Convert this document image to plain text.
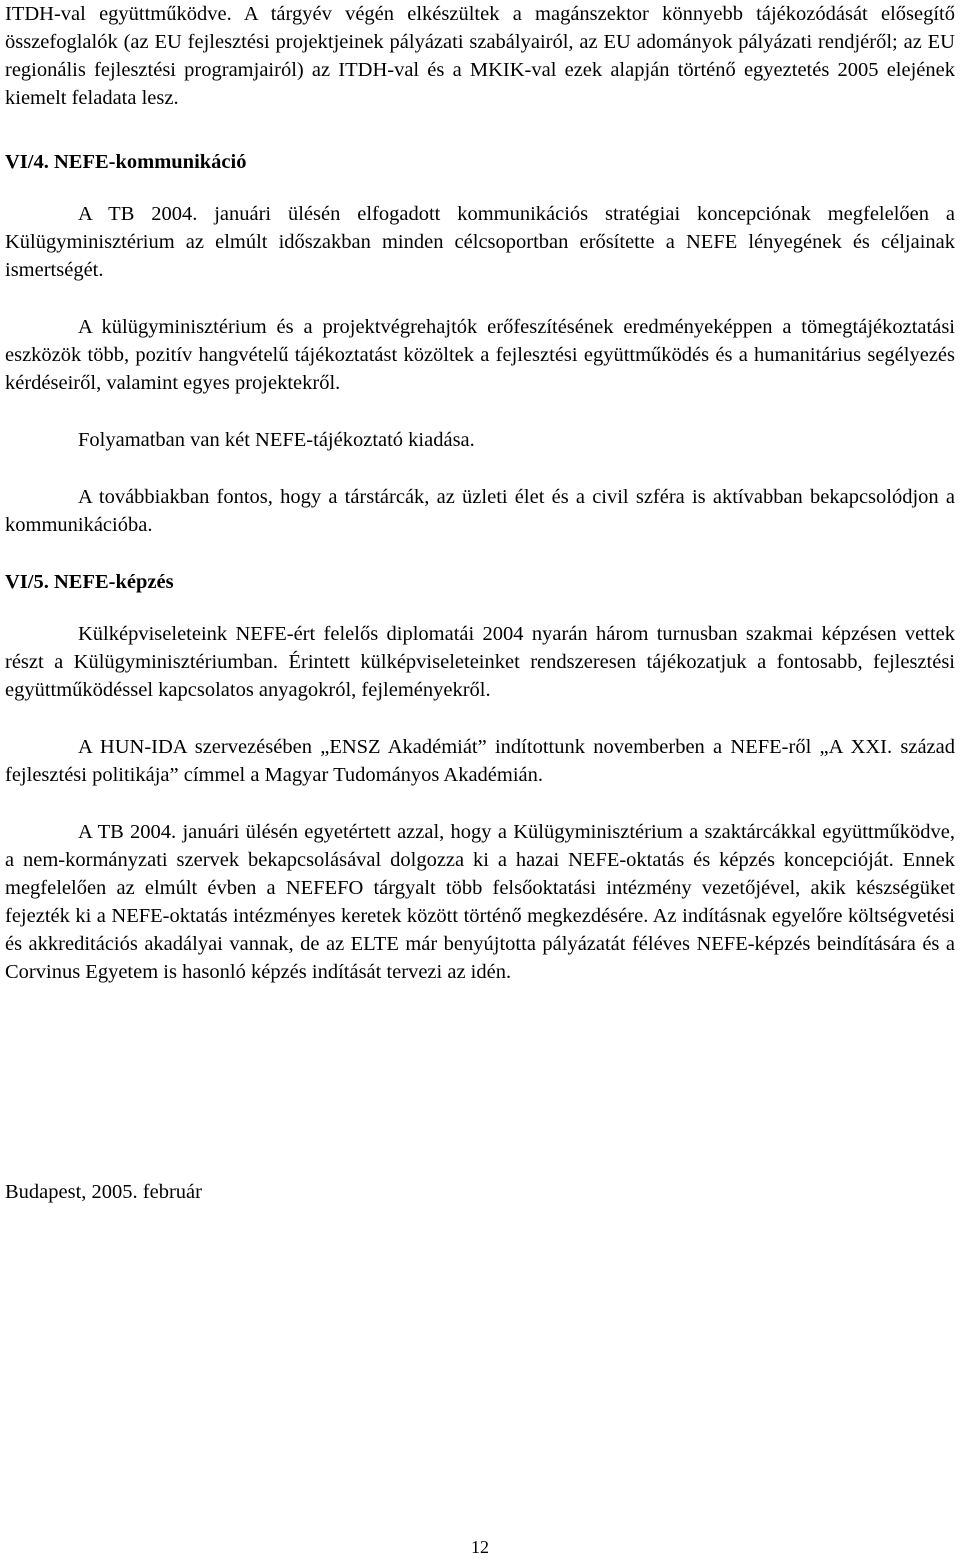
ITDH-val együttműködve. A tárgyév végén elkészültek a magánszektor könnyebb tájékozódását elősegítő összefoglalók (az EU fejlesztési projektjeinek pályázati szabályairól, az EU adományok pályázati rendjéről; az EU regionális fejlesztési programjairól) az ITDH-val és a MKIK-val ezek alapján történő egyeztetés 2005 elejének kiemelt feladata lesz.

VI/4. NEFE-kommunikáció

A TB 2004. januári ülésén elfogadott kommunikációs stratégiai koncepciónak megfelelően a Külügyminisztérium az elmúlt időszakban minden célcsoportban erősítette a NEFE lényegének és céljainak ismertségét.

A külügyminisztérium és a projektvégrehajtók erőfeszítésének eredményeképpen a tömegtájékoztatási eszközök több, pozitív hangvételű tájékoztatást közöltek a fejlesztési együttműködés és a humanitárius segélyezés kérdéseiről, valamint egyes projektekről.

Folyamatban van két NEFE-tájékoztató kiadása.

A továbbiakban fontos, hogy a társtárcák, az üzleti élet és a civil szféra is aktívabban bekapcsolódjon a kommunikációba.

VI/5. NEFE-képzés

Külképviseleteink NEFE-ért felelős diplomatái 2004 nyarán három turnusban szakmai képzésen vettek részt a Külügyminisztériumban. Érintett külképviseleteinket rendszeresen tájékozatjuk a fontosabb, fejlesztési együttműködéssel kapcsolatos anyagokról, fejleményekről.

A HUN-IDA szervezésében „ENSZ Akadémiát” indítottunk novemberben a NEFE-ről „A XXI. század fejlesztési politikája” címmel a Magyar Tudományos Akadémián.

A TB 2004. januári ülésén egyetértett azzal, hogy a Külügyminisztérium a szaktárcákkal együttműködve, a nem-kormányzati szervek bekapcsolásával dolgozza ki a hazai NEFE-oktatás és képzés koncepcióját. Ennek megfelelően az elmúlt évben a NEFEFO tárgyalt több felsőoktatási intézmény vezetőjével, akik készségüket fejezték ki a NEFE-oktatás intézményes keretek között történő megkezdésére. Az indításnak egyelőre költségvetési és akkreditációs akadályai vannak, de az ELTE már benyújtotta pályázatát féléves NEFE-képzés beindítására és a Corvinus Egyetem is hasonló képzés indítását tervezi az idén.

Budapest, 2005. február
12
